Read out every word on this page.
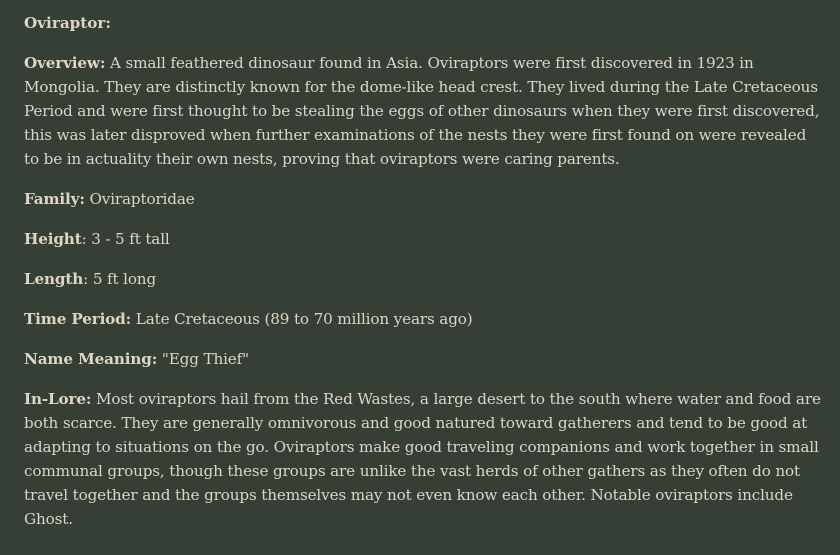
Oviraptor:

Overview: A small feathered dinosaur found in Asia. Oviraptors were first discovered in 1923 in Mongolia. They are distinctly known for the dome-like head crest. They lived during the Late Cretaceous Period and were first thought to be stealing the eggs of other dinosaurs when they were first discovered, this was later disproved when further examinations of the nests they were first found on were revealed to be in actuality their own nests, proving that oviraptors were caring parents.

Family: Oviraptoridae

Height: 3 - 5 ft tall

Length: 5 ft long

Time Period: Late Cretaceous (89 to 70 million years ago)

Name Meaning: "Egg Thief"

In-Lore: Most oviraptors hail from the Red Wastes, a large desert to the south where water and food are both scarce. They are generally omnivorous and good natured toward gatherers and tend to be good at adapting to situations on the go. Oviraptors make good traveling companions and work together in small communal groups, though these groups are unlike the vast herds of other gathers as they often do not travel together and the groups themselves may not even know each other. Notable oviraptors include Ghost.
